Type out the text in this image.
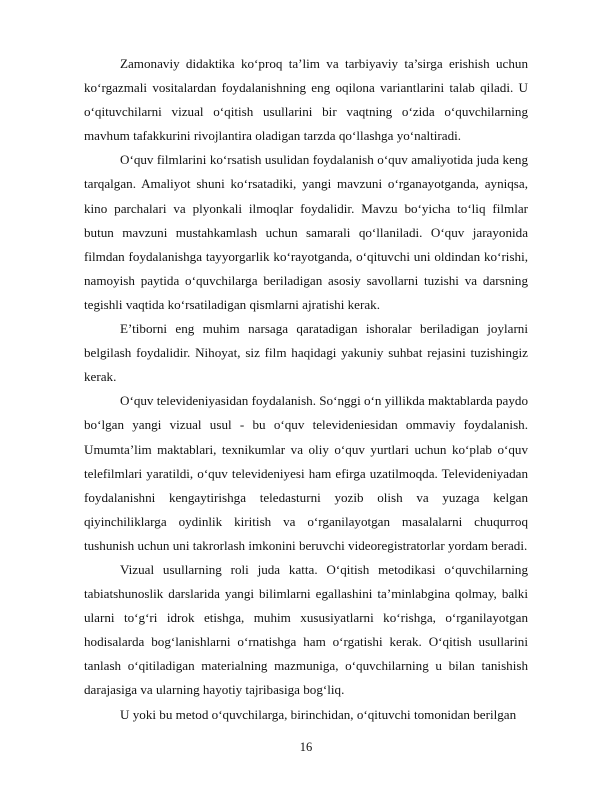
Zamonaviy didaktika ko‘proq ta’lim va tarbiyaviy ta’sirga erishish uchun ko‘rgazmali vositalardan foydalanishning eng oqilona variantlarini talab qiladi. U o‘qituvchilarni vizual o‘qitish usullarini bir vaqtning o‘zida o‘quvchilarning mavhum tafakkurini rivojlantira oladigan tarzda qo‘llashga yo‘naltiradi.

O‘quv filmlarini ko‘rsatish usulidan foydalanish o‘quv amaliyotida juda keng tarqalgan. Amaliyot shuni ko‘rsatadiki, yangi mavzuni o‘rganayotganda, ayniqsa, kino parchalari va plyonkali ilmoqlar foydalidir. Mavzu bo‘yicha to‘liq filmlar butun mavzuni mustahkamlash uchun samarali qo‘llaniladi. O‘quv jarayonida filmdan foydalanishga tayyorgarlik ko‘rayotganda, o‘qituvchi uni oldindan ko‘rishi, namoyish paytida o‘quvchilarga beriladigan asosiy savollarni tuzishi va darsning tegishli vaqtida ko‘rsatiladigan qismlarni ajratishi kerak.

E’tiborni eng muhim narsaga qaratadigan ishoralar beriladigan joylarni belgilash foydalidir. Nihoyat, siz film haqidagi yakuniy suhbat rejasini tuzishingiz kerak.

O‘quv televideniyasidan foydalanish. So‘nggi o‘n yillikda maktablarda paydo bo‘lgan yangi vizual usul - bu o‘quv televideniesidan ommaviy foydalanish. Umumta’lim maktablari, texnikumlar va oliy o‘quv yurtlari uchun ko‘plab o‘quv telefilmlari yaratildi, o‘quv televideniyesi ham efirga uzatilmoqda. Televideniyadan foydalanishni kengaytirishga teledasturni yozib olish va yuzaga kelgan qiyinchiliklarga oydinlik kiritish va o‘rganilayotgan masalalarni chuqurroq tushunish uchun uni takrorlash imkonini beruvchi videoregistratorlar yordam beradi.

Vizual usullarning roli juda katta. O‘qitish metodikasi o‘quvchilarning tabiatshunoslik darslarida yangi bilimlarni egallashini ta’minlabgina qolmay, balki ularni to‘g‘ri idrok etishga, muhim xususiyatlarni ko‘rishga, o‘rganilayotgan hodisalarda bog‘lanishlarni o‘rnatishga ham o‘rgatishi kerak. O‘qitish usullarini tanlash o‘qitiladigan materialning mazmuniga, o‘quvchilarning u bilan tanishish darajasiga va ularning hayotiy tajribasiga bog‘liq.

U yoki bu metod o‘quvchilarga, birinchidan, o‘qituvchi tomonidan berilgan

16
